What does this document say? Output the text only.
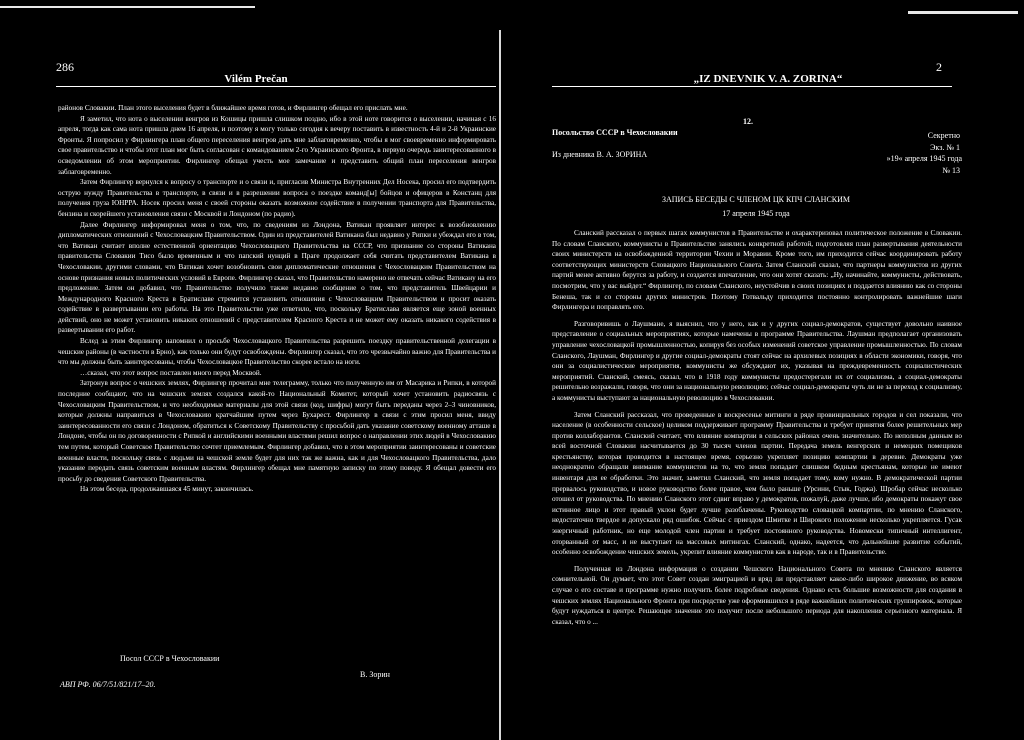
286
Vilém Prečan

районов Словакии. План этого выселения будет в ближайшее время готов, и Фирлингер обещал его прислать мне.

Я заметил, что нота о выселении венгров из Кошицы пришла слишком поздно, ибо в этой ноте говорится о выселении, начиная с 16 апреля, тогда как сама нота пришла днем 16 апреля, и поэтому я могу только сегодня к вечеру поставить в известность 4-й и 2-й Украинские Фронты. Я попросил у Фирлингера план общего переселения венгров дать мне заблаговременно, чтобы я мог своевременно информировать свое правительство и чтобы этот план мог быть согласован с командованием 2-го Украинского Фронта, в первую очередь заинтересованного в осведомлении об этом мероприятии. Фирлингер обещал учесть мое замечание и представить общий план переселения венгров заблаговременно.

Затем Фирлингер вернулся к вопросу о транспорте и о связи и, пригласив Министра Внутренних Дел Носека, просил его подтвердить острую нужду Правительства в транспорте, в связи и в разрешении вопроса о поездке команд[ы] бойцов и офицеров в Констанц для получения груза ЮНРРА. Носек просил меня с своей стороны оказать возможное содействие в получении транспорта для Правительства, бензина и скорейшего установления связи с Москвой и Лондоном (по радио).

Далее Фирлингер информировал меня о том, что, по сведениям из Лондона, Ватикан проявляет интерес к возобновлению дипломатических отношений с Чехословацким Правительством. Один из представителей Ватикана был недавно у Рипки и убеждал его в том, что Ватикан считает вполне естественной ориентацию Чехословацкого Правительства на СССР, что признание со стороны Ватикана правительства Словакии Тисо было временным и что папский нунций в Праге продолжает себя считать представителем Ватикана в Чехословакии, другими словами, что Ватикан хочет возобновить свои дипломатические отношения с Чехословацким Правительством на основе признания новых политических условий в Европе. Фирлингер сказал, что Правительство намерено не отвечать сейчас Ватикану на его предложение. Затем он добавил, что Правительство получило также недавно сообщение о том, что представитель Швейцарии и Международного Красного Креста в Братиславе стремится установить отношения с Чехословацким Правительством и просит оказать содействие в развертывании его работы. На это Правительство уже ответило, что, поскольку Братиславa является еще зоной военных действий, оно не может установить никаких отношений с представителем Красного Креста и не может ему оказать никакого содействия в развертывании его работ.

Вслед за этим Фирлингер напомнил о просьбе Чехословацкого Правительства разрешить поездку правительственной делегации в чешские районы (в частности в Брно), как только они будут освобождены. Фирлингер сказал, что это чрезвычайно важно для Правительства и что мы должны быть заинтересованы, чтобы Чехословацкое Правительство скорее встало на ноги.

…сказал, что этот вопрос поставлен много перед Москвой.

Затронув вопрос о чешских землях, Фирлингер прочитал мне телеграмму, только что полученную им от Масарика и Рипки, в которой последние сообщают, что на чешских землях создался какой-то Национальный Комитет, который хочет установить радиосвязь с Чехословацким Правительством, и что необходимые материалы для этой связи (код, шифры) могут быть переданы через 2–3 чиновников, которые должны направиться в Чехословакию кратчайшим путем через Бухарест. Фирлингер в связи с этим просил меня, ввиду заинтересованности его связи с Лондоном, обратиться к Советскому Правительству с просьбой дать указание советскому военному атташе в Лондоне, чтобы он по договоренности с Рипкой и английскими военными властями решил вопрос о направлении этих людей в Чехословакию тем путем, который Советское Правительство сочтет приемлемым. Фирлингер добавил, что в этом мероприятии заинтересованы и советские военные власти, поскольку связь с людьми на чешской земле будет для них так же важна, как и для Чехословацкого Правительства, дало указание передать связь советским военным властям. Фирлингер обещал мне памятную записку по этому поводу. Я обещал довести его просьбу до сведения Советского Правительства.

На этом беседа, продолжавшаяся 45 минут, закончилась.

Посол СССР в Чехословакии
В. Зорин
АВП РФ. 06/7/51/821/17–20.
2
„IZ DNEVNIK V. A. ZORINA“
12.
Посольство СССР в Чехословакии	Секретно
Экз. № 1
Из дневника В. А. ЗОРИНА	»19« апреля 1945 года
№ 13
ЗАПИСЬ БЕСЕДЫ С ЧЛЕНОМ ЦК КПЧ СЛАНСКИМ
17 апреля 1945 года

Сланский рассказал о первых шагах коммунистов в Правительстве и охарактеризовал политическое положение в Словакии. По словам Сланского, коммунисты в Правительстве занялись конкретной работой, подготовляя план развертывания деятельности своих министерств на освобожденной территории Чехии и Моравии. Кроме того, им приходится сейчас координировать работу соответствующих министерств Словацкого Национального Совета. Затем Сланский сказал, что партнеры коммунистов из других партий менее активно берутся за работу, и создается впечатление, что они хотят сказать: „Ну, начинайте, коммунисты, действовать, посмотрим, что у вас выйдет.“ Фирлингер, по словам Сланского, неустойчив в своих позициях и поддается влиянию как со стороны Бенеша, так и со стороны других министров. Поэтому Готвальду приходится постоянно контролировать важнейшие шаги Фирлингера и поправлять его.

Разговоривишь о Лаушмане, я выяснил, что у него, как и у других социал-демократов, существует довольно наивное представление о социальных мероприятиях, которые намечены в программе Правительства. Лаушман предполагает организовать управление чехословацкой промышленностью, копируя без особых изменений советское управление промышленностью. По словам Сланского, Лаушман, Фирлингер и другие социал-демократы стоят сейчас на архилевых позициях в области экономики, говоря, что они за социалистические мероприятия, коммунисты же обсуждают их, указывая на преждевременность социалистических мероприятий. Сланский, смеясь, сказал, что в 1918 году коммунисты предостерегали их от социализма, а социал-демократы решительно возражали, говоря, что они за национальную революцию; сейчас социал-демократы чуть ли не за переход к социализму, а коммунисты выступают за национальную революцию в Чехословакии.

Затем Сланский рассказал, что проведенные в воскресенье митинги в ряде провинциальных городов и сел показали, что население (в особенности сельское) целиком поддерживает программу Правительства и требует принятия более решительных мер против коллаборантов. Сланский считает, что влияние компартии в сельских районах очень значительно. По неполным данным во всей восточной Словакии насчитывается до 30 тысяч членов партии. Передача земель венгерских и немецких помещиков крестьянству, которая проводится в настоящее время, серьезно укрепляет позицию компартии в деревне. Демократы уже неоднократно обращали внимание коммунистов на то, что земля попадает слишком бедным крестьянам, которые не имеют инвентаря для ее обработки. Это значит, заметил Сланский, что земля попадает тому, кому нужно. В демократической партии прервалось руководство, и новое руководство более правое, чем было раньше (Урсини, Стык, Годжа). Шробар сейчас несколько отошел от руководства. По мнению Сланского этот сдвиг вправо у демократов, пожалуй, даже лучше, ибо демократы покажут свое истинное лицо и этот правый уклон будет лучше разоблачены. Руководство словацкой компартии, по мнению Сланского, недостаточно твердое и допускало ряд ошибок. Сейчас с приездом Шмитке и Широкого положение несколько укрепляется. Гусак энергичный работник, но еще молодой член партии и требует постоянного руководства. Новомеcки типичный интеллигент, оторванный от масс, и не выступает на массовых митингах. Сланский, однако, надеется, что дальнейшие развитие событий, особенно освобождение чешских земель, укрепит влияние коммунистов как в народе, так и в Правительстве.

Полученная из Лондона информация о создании Чешского Национального Совета по мнению Сланского является сомнительной. Он думает, что этот Совет создан эмиграцией и вряд ли представляет какое-либо широкое движение, во всяком случае о его составе и программе нужно получить более подробные сведения. Однако есть большие возможности для создания в чешских землях Национального Фронта при посредстве уже оформившихся в ряде важнейших политических группировок, которые будут нуждаться в центре. Решающее значение это получит после небольшого периода для накопления серьезного материала. Я сказал, что о ...
